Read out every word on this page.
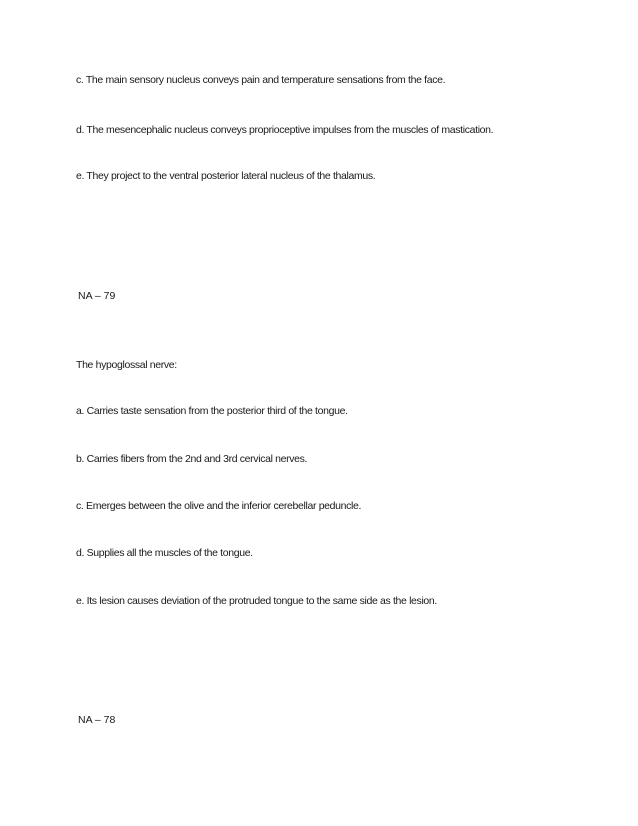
c. The main sensory nucleus conveys pain and temperature sensations from the face.
d. The mesencephalic nucleus conveys proprioceptive impulses from the muscles of mastication.
e. They project to the ventral posterior lateral nucleus of the thalamus.
NA – 79
The hypoglossal nerve:
a. Carries taste sensation from the posterior third of the tongue.
b. Carries fibers from the 2nd and 3rd cervical nerves.
c. Emerges between the olive and the inferior cerebellar peduncle.
d. Supplies all the muscles of the tongue.
e. Its lesion causes deviation of the protruded tongue to the same side as the lesion.
NA – 78
